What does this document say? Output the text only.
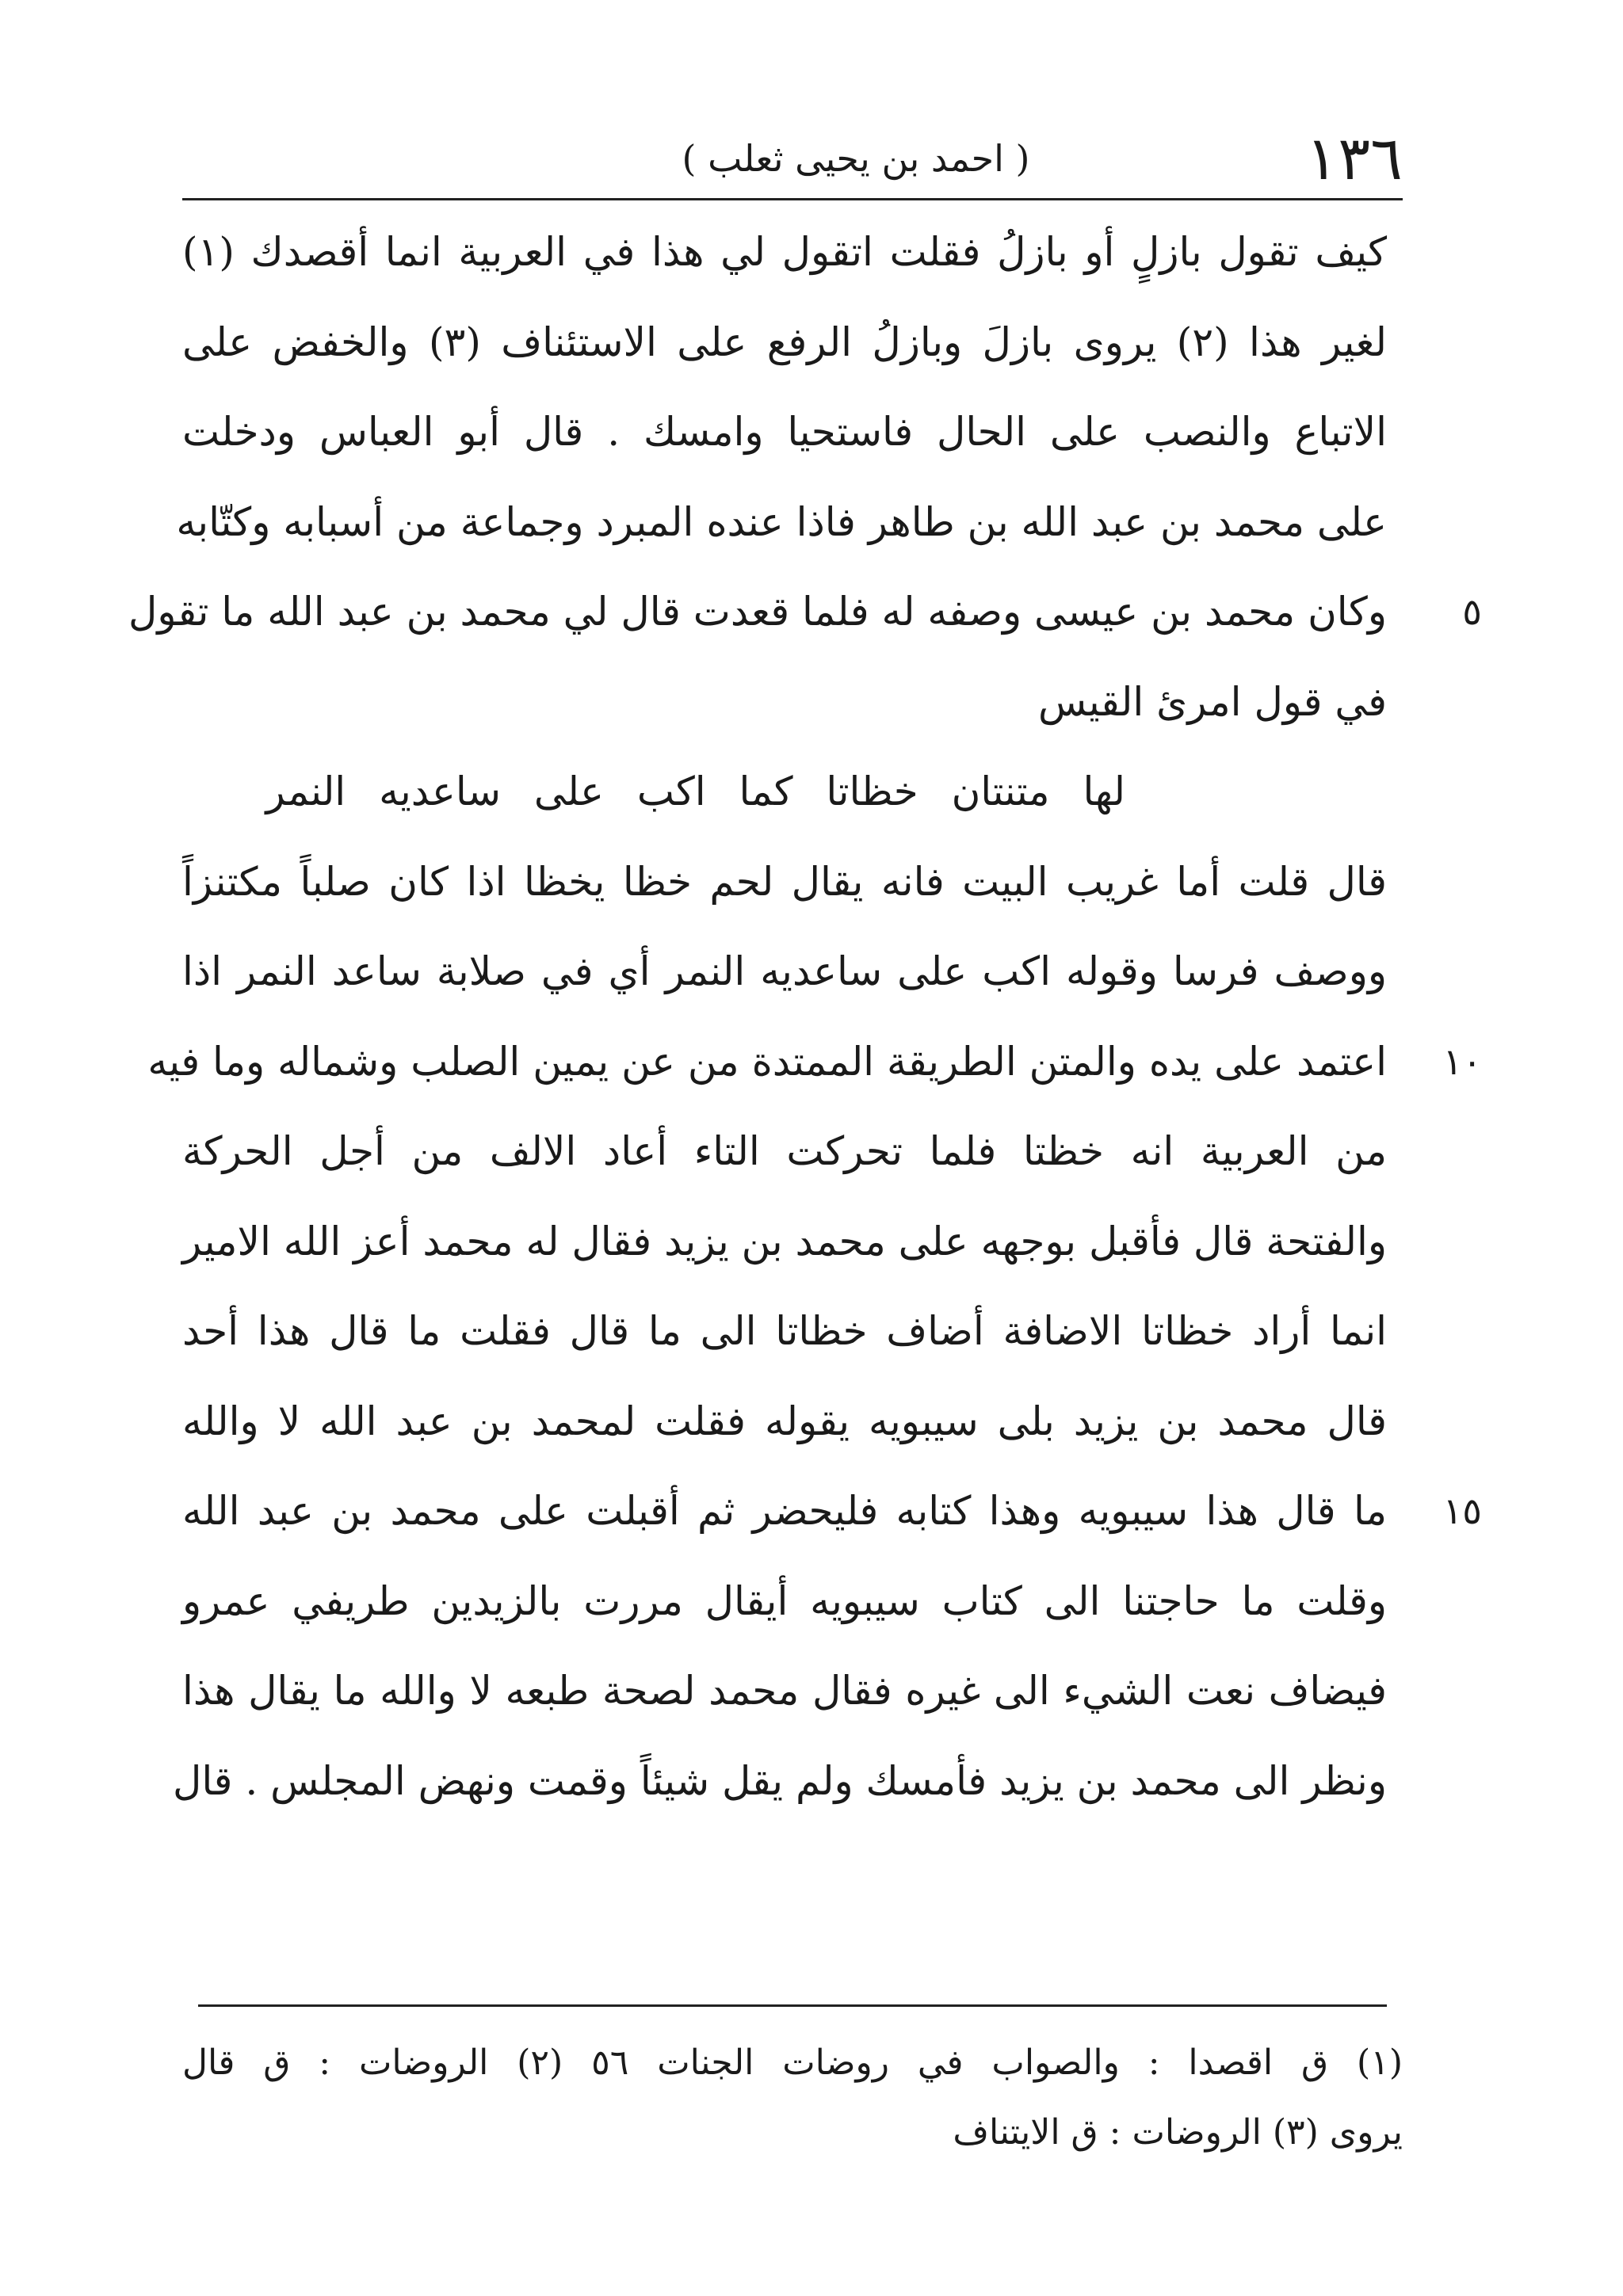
١٣٦
( احمد بن يحيى ثعلب )
كيف تقول بازلٍ أو بازلُ فقلت اتقول لي هذا في العربية انما أقصدك (١)
لغير هذا (٢) يروى بازلَ وبازلُ الرفع على الاستئناف (٣) والخفض على
الاتباع والنصب على الحال فاستحيا وامسك . قال أبو العباس ودخلت
على محمد بن عبد الله بن طاهر فاذا عنده المبرد وجماعة من أسبابه وكتّابه
٥
وكان محمد بن عيسى وصفه له فلما قعدت قال لي محمد بن عبد الله ما تقول
في قول امرئ القيس
لها متنتان خظاتا كما اكب على ساعديه النمر
قال قلت أما غريب البيت فانه يقال لحم خظا يخظا اذا كان صلباً مكتنزاً
ووصف فرسا وقوله اكب على ساعديه النمر أي في صلابة ساعد النمر اذا
١٠
اعتمد على يده والمتن الطريقة الممتدة من عن يمين الصلب وشماله وما فيه
من العربية انه خظتا فلما تحركت التاء أعاد الالف من أجل الحركة
والفتحة قال فأقبل بوجهه على محمد بن يزيد فقال له محمد أعز الله الامير
انما أراد خظاتا الاضافة أضاف خظاتا الى ما قال فقلت ما قال هذا أحد
قال محمد بن يزيد بلى سيبويه يقوله فقلت لمحمد بن عبد الله لا والله
١٥
ما قال هذا سيبويه وهذا كتابه فليحضر ثم أقبلت على محمد بن عبد الله
وقلت ما حاجتنا الى كتاب سيبويه أيقال مررت بالزيدين طريفي عمرو
فيضاف نعت الشيء الى غيره فقال محمد لصحة طبعه لا والله ما يقال هذا
ونظر الى محمد بن يزيد فأمسك ولم يقل شيئاً وقمت ونهض المجلس . قال
(١) ق اقصدا : والصواب في روضات الجنات ٥٦ (٢) الروضات : ق قال
يروى (٣) الروضات : ق الايتناف
